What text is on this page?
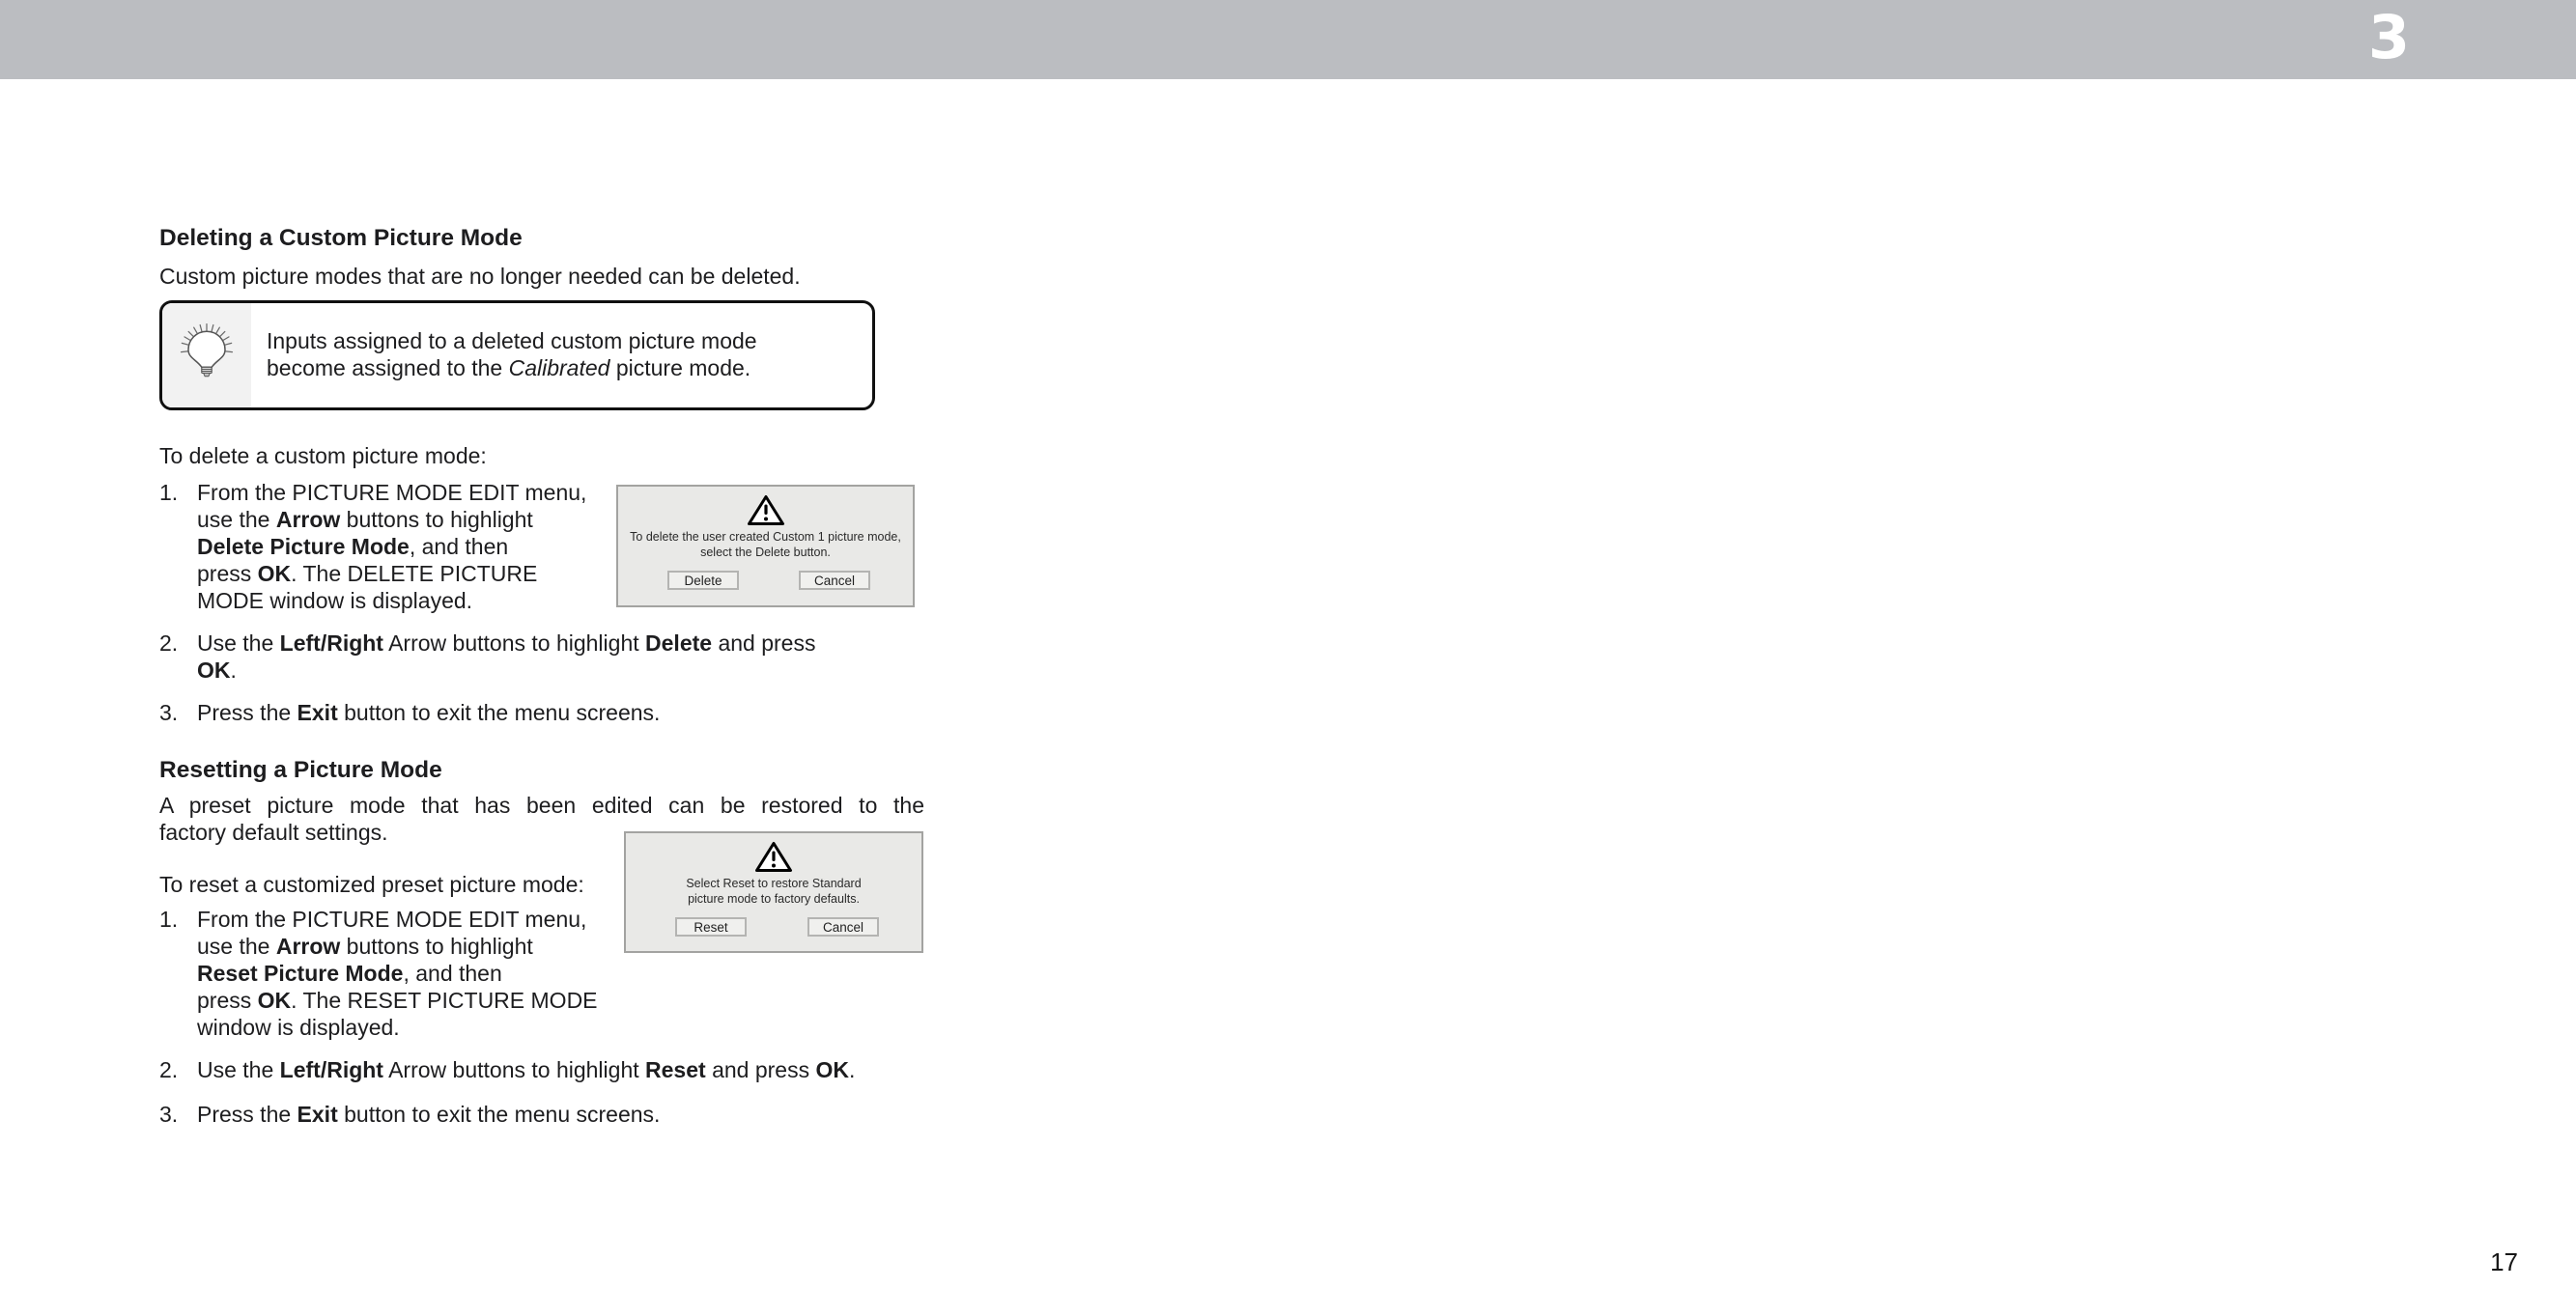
3
Deleting a Custom Picture Mode
Custom picture modes that are no longer needed can be deleted.
Inputs assigned to a deleted custom picture mode
become assigned to the Calibrated picture mode.
To delete a custom picture mode:
1. From the PICTURE MODE EDIT menu,
use the Arrow buttons to highlight
Delete Picture Mode, and then
press OK. The DELETE PICTURE
MODE window is displayed.
2. Use the Left/Right Arrow buttons to highlight Delete and press
OK.
3. Press the Exit button to exit the menu screens.
To delete the user created Custom 1 picture mode,
select the Delete button.
Delete	Cancel
Resetting a Picture Mode
A preset picture mode that has been edited can be restored to the
factory default settings.
To reset a customized preset picture mode:
1. From the PICTURE MODE EDIT menu,
use the Arrow buttons to highlight
Reset Picture Mode, and then
press OK. The RESET PICTURE MODE
window is displayed.
2. Use the Left/Right Arrow buttons to highlight Reset and press OK.
3. Press the Exit button to exit the menu screens.
Select Reset to restore Standard
picture mode to factory defaults.
Reset	Cancel
17
